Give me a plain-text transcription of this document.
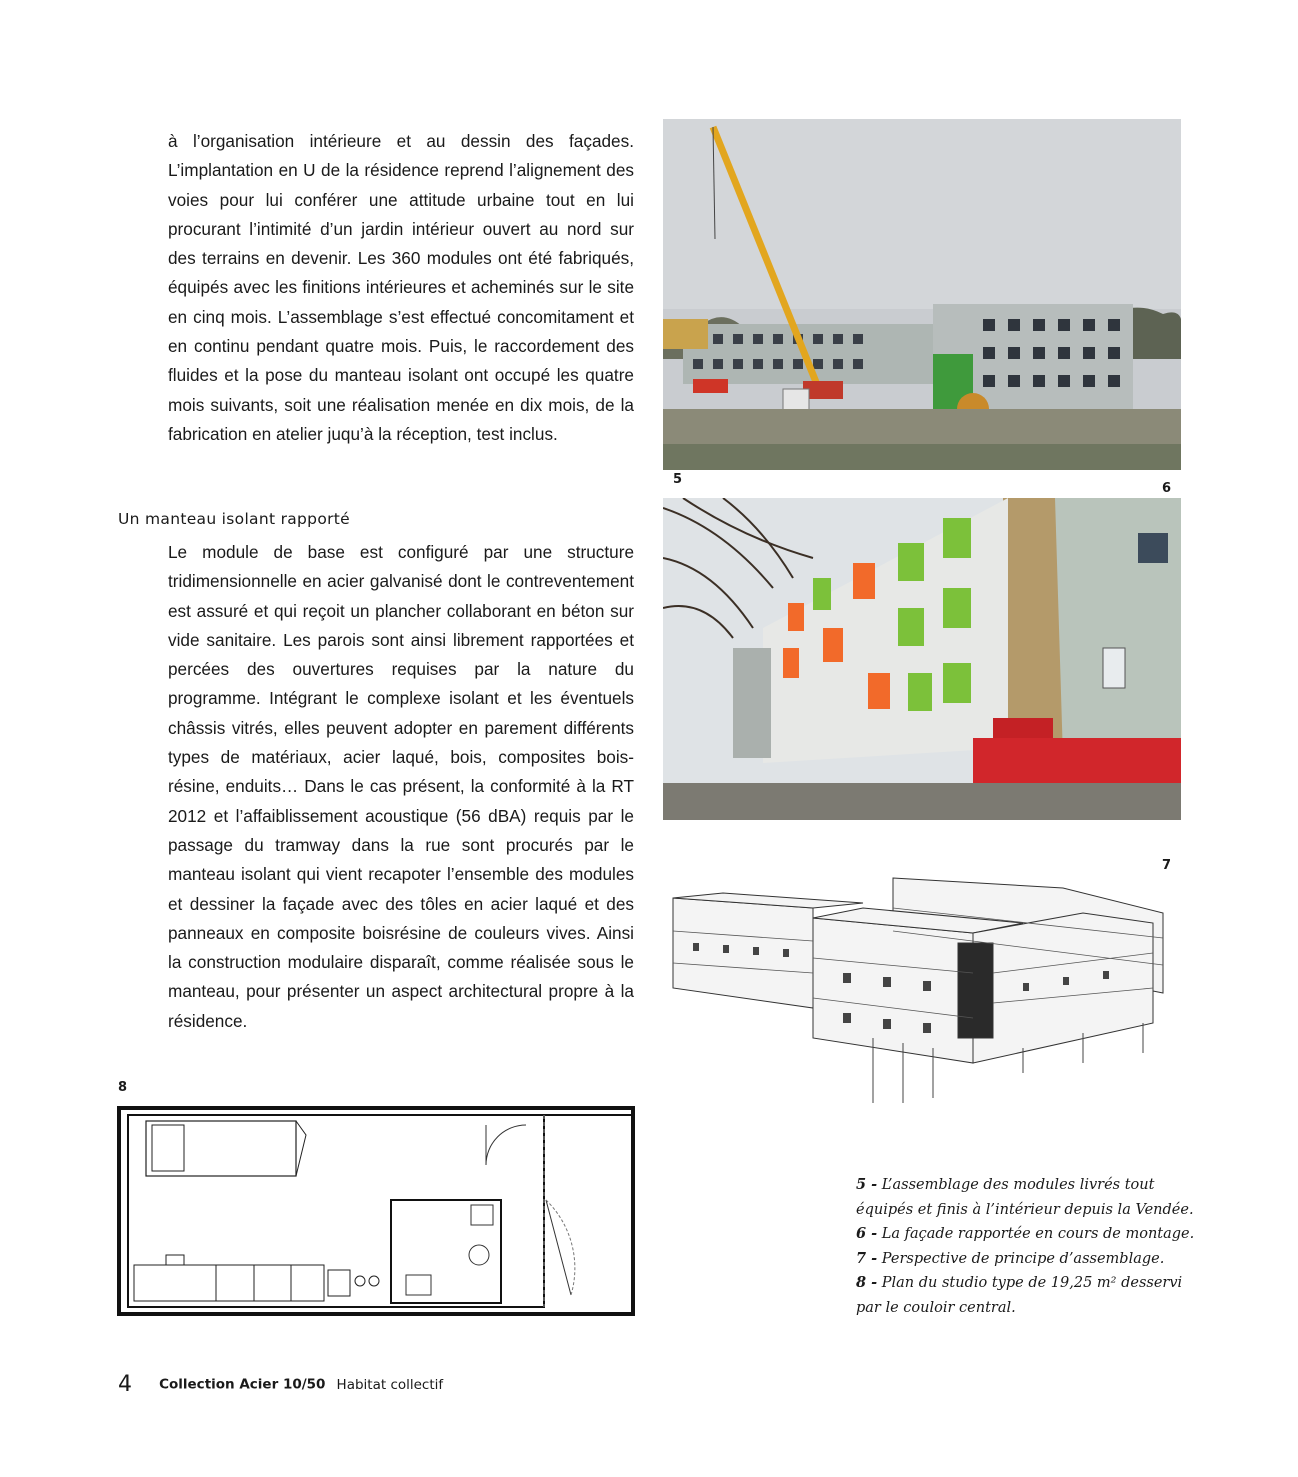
à l’organisation intérieure et au dessin des façades. L’implantation en U de la résidence reprend l’alignement des voies pour lui conférer une attitude urbaine tout en lui procurant l’intimité d’un jardin intérieur ouvert au nord sur des terrains en devenir. Les 360 modules ont été fabriqués, équipés avec les finitions intérieures et acheminés sur le site en cinq mois. L’assemblage s’est effectué concomitament et en continu pendant quatre mois. Puis, le raccordement des fluides et la pose du manteau isolant ont occupé les quatre mois suivants, soit une réalisation menée en dix mois, de la fabrication en atelier juqu’à la réception, test inclus.

Un manteau isolant rapporté

Le module de base est configuré par une structure tridimensionnelle en acier galvanisé dont le contreventement est assuré et qui reçoit un plancher collaborant en béton sur vide sanitaire. Les parois sont ainsi librement rapportées et percées des ouvertures requises par la nature du programme. Intégrant le complexe isolant et les éventuels châssis vitrés, elles peuvent adopter en parement différents types de matériaux, acier laqué, bois, composites bois-résine, enduits… Dans le cas présent, la conformité à la RT 2012 et l’affaiblissement acoustique (56 dBA) requis par le passage du tramway dans la rue sont procurés par le manteau isolant qui vient recapoter l’ensemble des modules et dessiner la façade avec des tôles en acier laqué et des panneaux en composite boisrésine de couleurs vives. Ainsi la construction modulaire disparaît, comme réalisée sous le manteau, pour présenter un aspect architectural propre à la résidence.

5
6
7
8
5 - L’assemblage des modules livrés tout équipés et finis à l’intérieur depuis la Vendée.
6 - La façade rapportée en cours de montage.
7 - Perspective de principe d’assemblage.
8 - Plan du studio type de 19,25 m² desservi par le couloir central.
4 Collection Acier 10/50 Habitat collectif
